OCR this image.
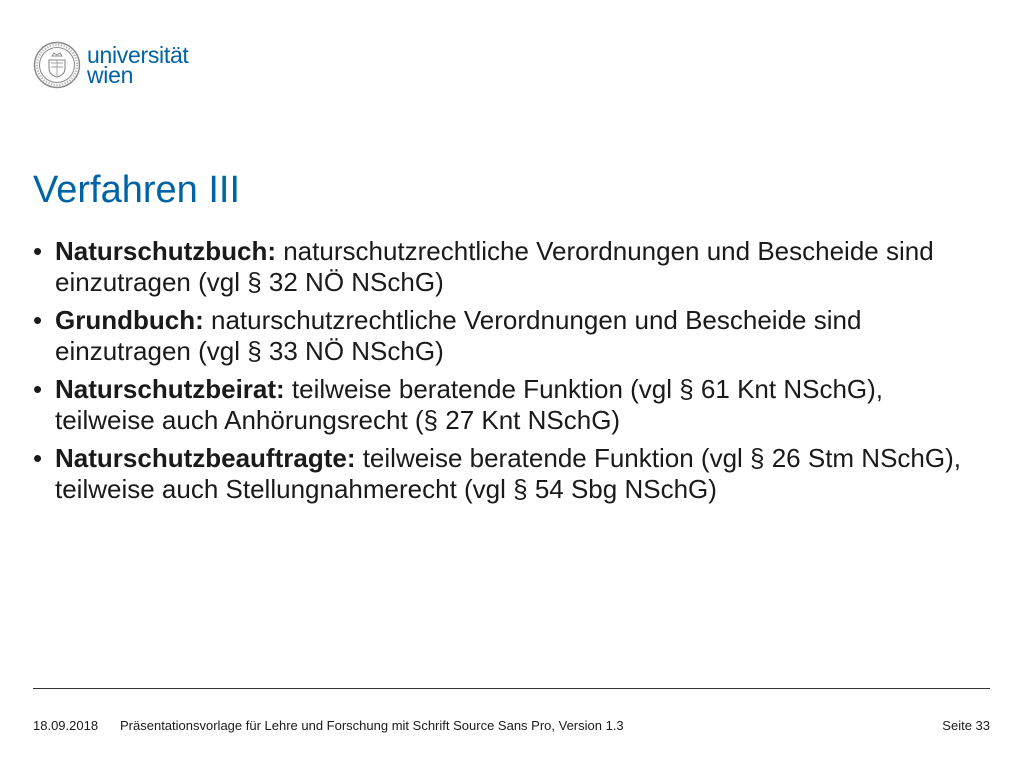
universität
wien
Verfahren III
• Naturschutzbuch: naturschutzrechtliche Verordnungen und Bescheide sind einzutragen (vgl § 32 NÖ NSchG)
• Grundbuch: naturschutzrechtliche Verordnungen und Bescheide sind einzutragen (vgl § 33 NÖ NSchG)
• Naturschutzbeirat: teilweise beratende Funktion (vgl § 61 Knt NSchG), teilweise auch Anhörungsrecht (§ 27 Knt NSchG)
• Naturschutzbeauftragte: teilweise beratende Funktion (vgl § 26 Stm NSchG), teilweise auch Stellungnahmerecht (vgl § 54 Sbg NSchG)
18.09.2018 Präsentationsvorlage für Lehre und Forschung mit Schrift Source Sans Pro, Version 1.3	Seite 33
